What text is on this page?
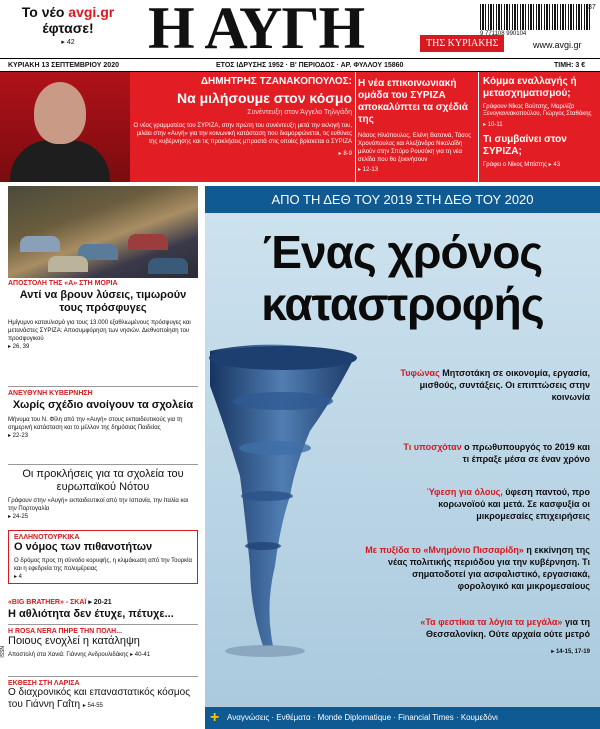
Το νέο avgi.gr
έφτασε!
▸ 42	Η ΑΥΓΗ	ΤΗΣ ΚΥΡΙΑΚΗΣ
9 771108 990104
37
www.avgi.gr
ΚΥΡΙΑΚΗ 13 ΣΕΠΤΕΜΒΡΙΟΥ 2020	ΕΤΟΣ ΙΔΡΥΣΗΣ 1952 · Β' ΠΕΡΙΟΔΟΣ · ΑΡ. ΦΥΛΛΟΥ 15860	ΤΙΜΗ: 3 €
ΔΗΜΗΤΡΗΣ ΤΖΑΝΑΚΟΠΟΥΛΟΣ:
Να μιλήσουμε στον κόσμο
Συνέντευξη στον Άγγελο Τηλιγάδη
Ο νέος γραμματέας του ΣΥΡΙΖΑ, στην πρώτη του συνέντευξη μετά την εκλογή του, μιλάει στην «Αυγή» για την κοινωνική κατάσταση που διαμορφώνεται, τις ευθύνες της κυβέρνησης και τις προκλήσεις μπροστά στις οποίες βρίσκεται ο ΣΥΡΙΖΑ
▸ 8-9
Η νέα επικοινωνιακή ομάδα του ΣΥΡΙΖΑ αποκαλύπτει τα σχέδιά της
Νάσος Ηλιόπουλος, Ελένη Βατσινά, Τάσος Χρονόπουλος και Αλεξάνδρα Νικολαΐδη μιλούν στην Σπύρο Ρουσόκη για τη νέα σελίδα που θα ξεκινήσουν
▸ 12-13
Κόμμα εναλλαγής ή μετασχηματισμού;
Γράφουν Νίκος Βούτσης, Μαριλίζα Ξενογιαννακοπούλου, Γιώργος Σταθάκης
▸ 10-11
Τι συμβαίνει στον ΣΥΡΙΖΑ;
Γράφει ο Νίκος Μπίστης ▸ 43
ΑΠΟΣΤΟΛΗ ΤΗΣ «Α» ΣΤΗ ΜΟΡΙΑ
Αντί να βρουν λύσεις, τιμωρούν τους πρόσφυγες
Ημίγυμνο καταυλισμό για τους 13.000 εξαθλιωμένους πρόσφυγες και μετανάστες ΣΥΡΙΖΑ: Αποσυμφόρηση των νησιών. Διεθνοποίηση του προσφυγικού
▸ 26, 39
ΑΝΕΥΘΥΝΗ ΚΥΒΕΡΝΗΣΗ
Χωρίς σχέδιο ανοίγουν τα σχολεία
Μήνυμα του Ν. Φίλη από την «Αυγή» στους εκπαιδευτικούς για τη σημερινή κατάσταση και το μέλλον της δημόσιας Παιδείας
▸ 22-23
Οι προκλήσεις για τα σχολεία του ευρωπαϊκού Νότου
Γράφουν στην «Αυγή» εκπαιδευτικοί από την Ισπανία, την Ιταλία και την Πορτογαλία
▸ 24-25
ΕΛΛΗΝΟΤΟΥΡΚΙΚΑ
Ο νόμος των πιθανοτήτων
Ο δρόμος προς τη σύνοδο κορυφής, η κλιμάκωση από την Τουρκία και η εφεδρεία της πολυμέρειας
▸ 4
«BIG BRATHER» - ΣΚΑΪ ▸ 20-21
Η αθλιότητα δεν έτυχε, πέτυχε...
Η ROSA NERA ΠΗΡΕ ΤΗΝ ΠΟΛΗ...
Ποιους ενοχλεί η κατάληψη
Αποστολή στα Χανιά: Γιάννης Ανδρουλιδάκης ▸ 40-41
ΕΚΘΕΣΗ ΣΤΗ ΛΑΡΙΣΑ
Ο διαχρονικός και επαναστατικός κόσμος του Γιάννη Γαΐτη ▸ 54-55
ISSN
ΑΠΟ ΤΗ ΔΕΘ ΤΟΥ 2019 ΣΤΗ ΔΕΘ ΤΟΥ 2020
Ένας χρόνος
καταστροφής
Τυφώνας Μητσοτάκη σε οικονομία, εργασία, μισθούς, συντάξεις. Οι επιπτώσεις στην κοινωνία
Τι υποσχόταν ο πρωθυπουργός το 2019 και τι έπραξε μέσα σε έναν χρόνο
Ύφεση για όλους, ύφεση παντού, προ κορωνοϊού και μετά. Σε κασφυξία οι μικρομεσαίες επιχειρήσεις
Με πυξίδα το «Μνημόνιο Πισσαρίδη» η εκκίνηση της νέας πολιτικής περιόδου για την κυβέρνηση. Τι σηματοδοτεί για ασφαλιστικό, εργασιακά, φορολογικό και μικρομεσαίους
«Τα φεστίκια τα λόγια τα μεγάλα» για τη Θεσσαλονίκη. Ούτε αρχαία ούτε μετρό
▸ 14-15, 17-19
+ Αναγνώσεις · Ενθέματα · Monde Diplomatique · Financial Times · Κουμεδόνι
